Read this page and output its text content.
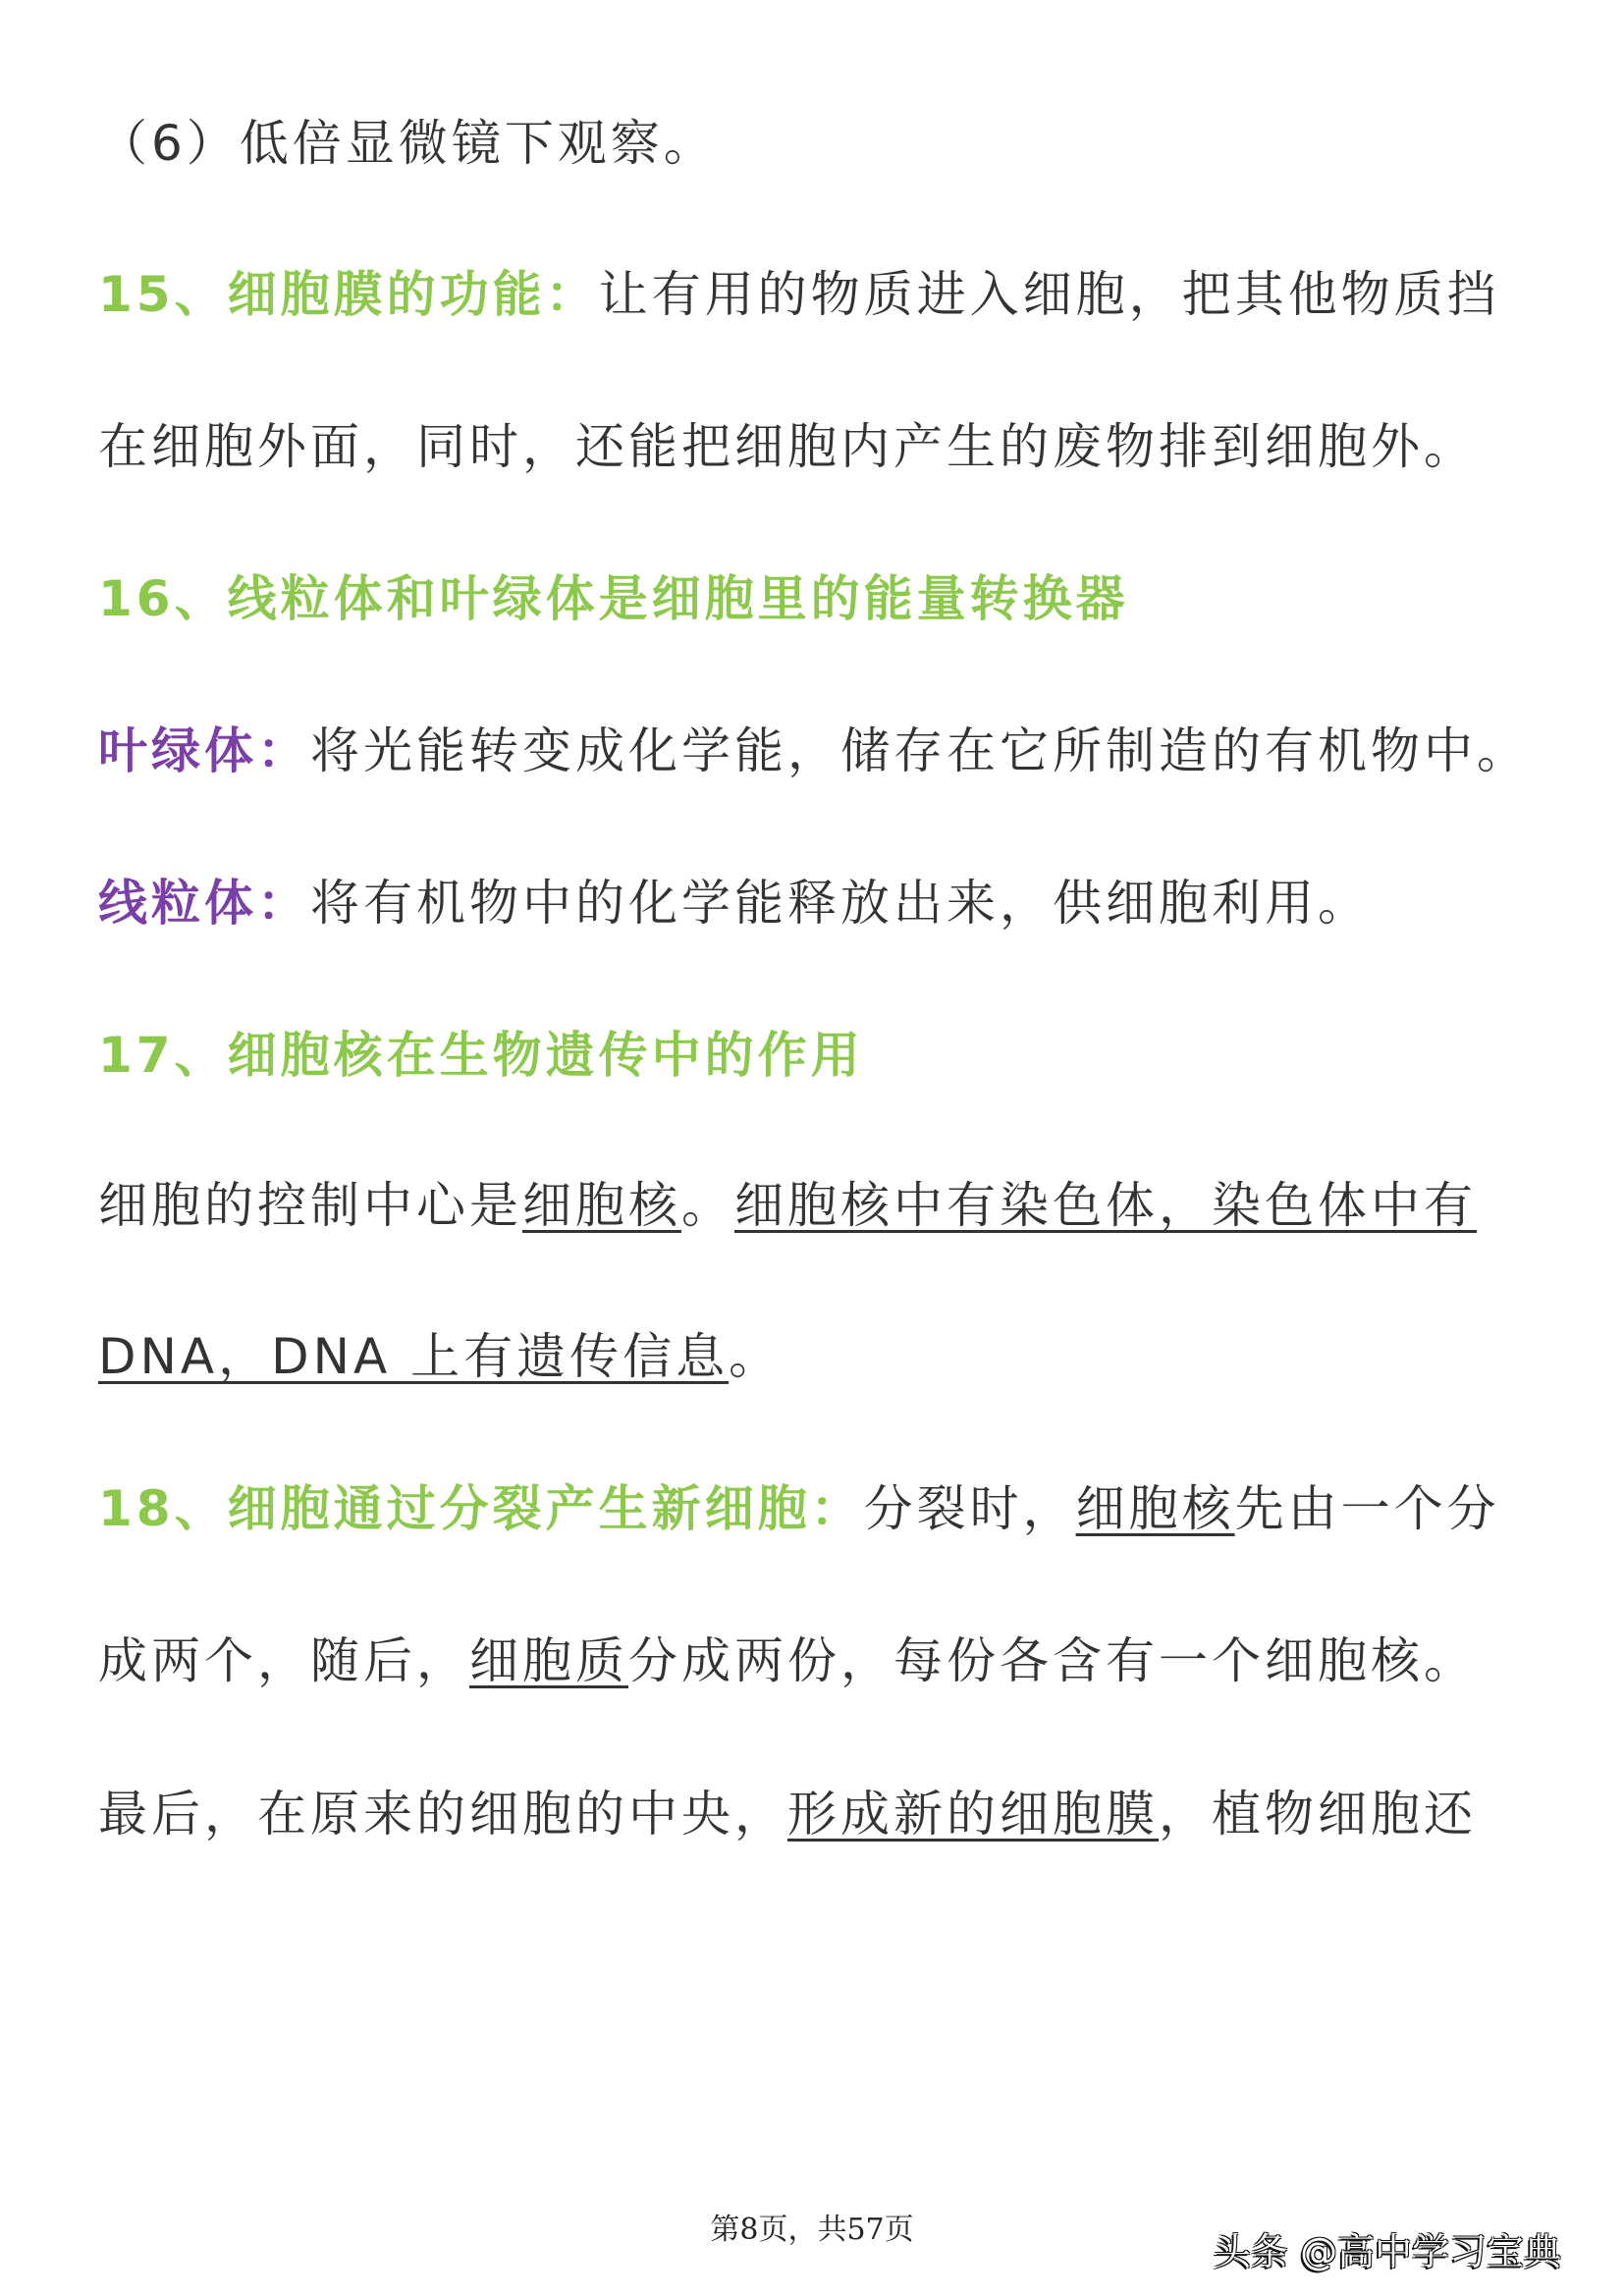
（6）低倍显微镜下观察。
15、细胞膜的功能：让有用的物质进入细胞，把其他物质挡
在细胞外面，同时，还能把细胞内产生的废物排到细胞外。
16、线粒体和叶绿体是细胞里的能量转换器
叶绿体：将光能转变成化学能，储存在它所制造的有机物中。
线粒体：将有机物中的化学能释放出来，供细胞利用。
17、细胞核在生物遗传中的作用
细胞的控制中心是细胞核。细胞核中有染色体，染色体中有
DNA，DNA 上有遗传信息。
18、细胞通过分裂产生新细胞：分裂时，细胞核先由一个分
成两个，随后，细胞质分成两份，每份各含有一个细胞核。
最后，在原来的细胞的中央，形成新的细胞膜，植物细胞还
第8页，共57页
头条 @高中学习宝典
